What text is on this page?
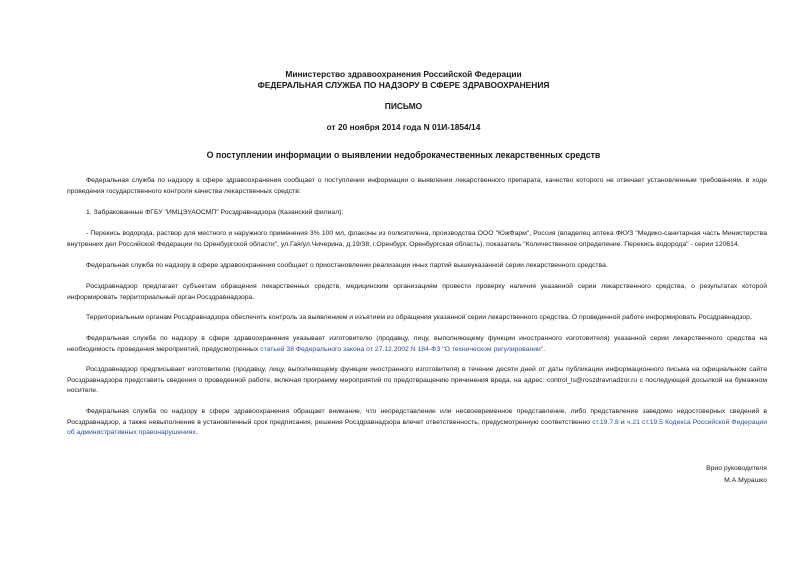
Министерство здравоохранения Российской Федерации
ФЕДЕРАЛЬНАЯ СЛУЖБА ПО НАДЗОРУ В СФЕРЕ ЗДРАВООХРАНЕНИЯ
ПИСЬМО
от 20 ноября 2014 года N 01И-1854/14
О поступлении информации о выявлении недоброкачественных лекарственных средств

Федеральная служба по надзору в сфере здравоохранения сообщает о поступлении информации о выявлении лекарственного препарата, качество которого не отвечает установленным требованиям, в ходе проведения государственного контроля качества лекарственных средств:

1. Забракованные ФГБУ "ИМЦЭУАОСМП" Росздравнадзора (Казанский филиал):

- Перекись водорода, раствор для местного и наружного применения 3% 100 мл, флаконы из полиэтилена, производства ООО "ЮжФарм", Россия (владелец аптека ФКУЗ "Медико-санитарная часть Министерства внутренних дел Российской Федерации по Оренбургской области", ул.Гая/ул.Чичерина, д.19/38, г.Оренбург, Оренбургская область), показатель "Количественное определение. Перекись водорода" - серии 120614.

Федеральная служба по надзору в сфере здравоохранения сообщает о приостановлении реализации иных партий вышеуказанной серии лекарственного средства.

Росздравнадзор предлагает субъектам обращения лекарственных средств, медицинским организациям провести проверку наличия указанной серии лекарственного средства, о результатах которой информировать территориальный орган Росздравнадзора.

Территориальным органам Росздравнадзора обеспечить контроль за выявлением и изъятием из обращения указанной серии лекарственного средства. О проведенной работе информировать Росздравнадзор.

Федеральная служба по надзору в сфере здравоохранения указывает изготовителю (продавцу, лицу, выполняющему функции иностранного изготовителя) указанной серии лекарственного средства на необходимость проведения мероприятий, предусмотренных статьей 38 Федерального закона от 27.12.2002 N 184-ФЗ "О техническом регулировании".

Росздравнадзор предписывает изготовителю (продавцу, лицу, выполняющему функции иностранного изготовителя) в течение десяти дней от даты публикации информационного письма на официальном сайте Росздравнадзора представить сведения о проведенной работе, включая программу мероприятий по предотвращению причинения вреда, на адрес: control_ls@roszdravnadzor.ru с последующей досылкой на бумажном носителе.

Федеральная служба по надзору в сфере здравоохранения обращает внимание, что непредставление или несвоевременное представление, либо представление заведомо недостоверных сведений в Росздравнадзор, а также невыполнение в установленный срок предписания, решения Росздравнадзора влечет ответственность, предусмотренную соответственно ст.19.7.8 и ч.21 ст.19.5 Кодекса Российской Федерации об административных правонарушениях.

Врио руководителя
М.А.Мурашко
